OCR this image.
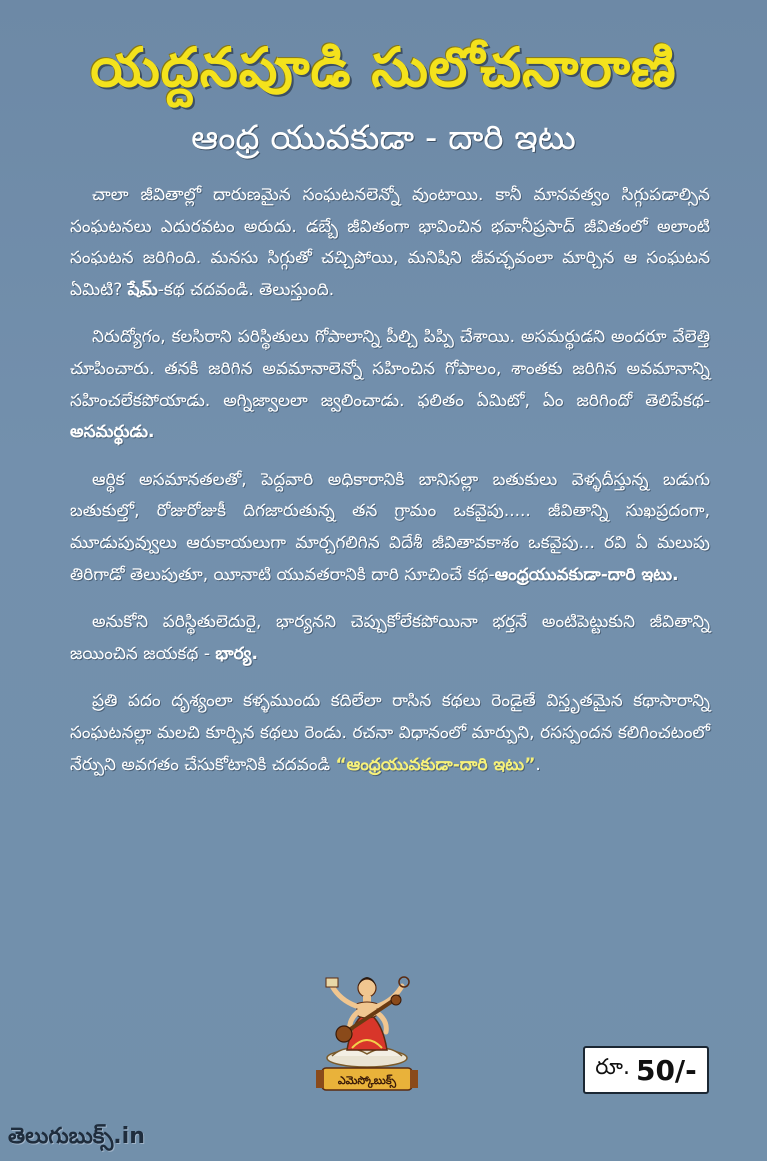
యద్దనపూడి సులోచనారాణి
ఆంధ్ర యువకుడా - దారి ఇటు

చాలా జీవితాల్లో దారుణమైన సంఘటనలెన్నో వుంటాయి. కానీ మానవత్వం సిగ్గుపడాల్సిన సంఘటనలు ఎదురవటం అరుదు. డబ్బే జీవితంగా భావించిన భవానీప్రసాద్ జీవితంలో అలాంటి సంఘటన జరిగింది. మనసు సిగ్గుతో చచ్చిపోయి, మనిషిని జీవచ్ఛవంలా మార్చిన ఆ సంఘటన ఏమిటి? షేమ్-కథ చదవండి. తెలుస్తుంది.

నిరుద్యోగం, కలసిరాని పరిస్థితులు గోపాలాన్ని పీల్చి పిప్పి చేశాయి. అసమర్థుడని అందరూ వేలెత్తి చూపించారు. తనకి జరిగిన అవమానాలెన్నో సహించిన గోపాలం, శాంతకు జరిగిన అవమానాన్ని సహించలేకపోయాడు. అగ్నిజ్వాలలా జ్వలించాడు. ఫలితం ఏమిటో, ఏం జరిగిందో తెలిపేకథ-అసమర్థుడు.

ఆర్థిక అసమానతలతో, పెద్దవారి అధికారానికి బానిసల్లా బతుకులు వెళ్ళదీస్తున్న బడుగు బతుకుల్తో, రోజురోజుకీ దిగజారుతున్న తన గ్రామం ఒకవైపు..... జీవితాన్ని సుఖప్రదంగా, మూడుపువ్వులు ఆరుకాయలుగా మార్చగలిగిన విదేశీ జీవితావకాశం ఒకవైపు... రవి ఏ మలుపు తిరిగాడో తెలుపుతూ, యీనాటి యువతరానికి దారి సూచించే కథ-ఆంధ్రయువకుడా-దారి ఇటు.

అనుకోని పరిస్థితులెదురై, భార్యనని చెప్పుకోలేకపోయినా భర్తనే అంటిపెట్టుకుని జీవితాన్ని జయించిన జయకథ - భార్య.

ప్రతి పదం దృశ్యంలా కళ్ళముందు కదిలేలా రాసిన కథలు రెండైతే విస్తృతమైన కథాసారాన్ని సంఘటనల్లా మలచి కూర్చిన కథలు రెండు. రచనా విధానంలో మార్పుని, రసస్పందన కలిగించటంలో నేర్పుని అవగతం చేసుకోటానికి చదవండి “ఆంధ్రయువకుడా-దారి ఇటు”.

ఎమెస్కోబుక్స్
రూ. 50/-
తెలుగుబుక్స్.in
